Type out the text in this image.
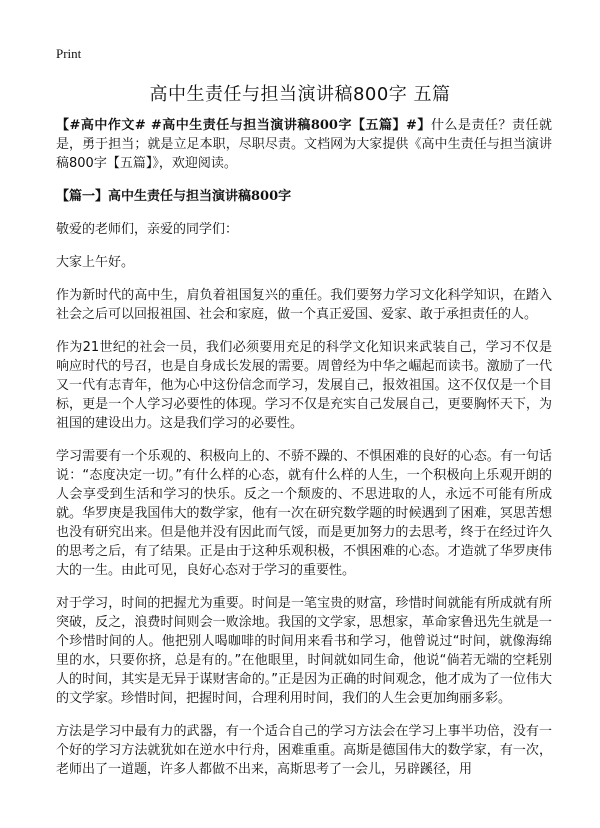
Print
高中生责任与担当演讲稿800字 五篇

【#高中作文# #高中生责任与担当演讲稿800字【五篇】#】什么是责任？责任就是，勇于担当；就是立足本职，尽职尽责。文档网为大家提供《高中生责任与担当演讲稿800字【五篇】》，欢迎阅读。

【篇一】高中生责任与担当演讲稿800字

敬爱的老师们，亲爱的同学们：

大家上午好。

作为新时代的高中生，肩负着祖国复兴的重任。我们要努力学习文化科学知识，在踏入社会之后可以回报祖国、社会和家庭，做一个真正爱国、爱家、敢于承担责任的人。

作为21世纪的社会一员，我们必须要用充足的科学文化知识来武装自己，学习不仅是响应时代的号召，也是自身成长发展的需要。周曾经为中华之崛起而读书。激励了一代又一代有志青年，他为心中这份信念而学习，发展自己，报效祖国。这不仅仅是一个目标，更是一个人学习必要性的体现。学习不仅是充实自己发展自己，更要胸怀天下，为祖国的建设出力。这是我们学习的必要性。

学习需要有一个乐观的、积极向上的、不骄不躁的、不惧困难的良好的心态。有一句话说：“态度决定一切。”有什么样的心态，就有什么样的人生，一个积极向上乐观开朗的人会享受到生活和学习的快乐。反之一个颓废的、不思进取的人，永远不可能有所成就。华罗庚是我国伟大的数学家，他有一次在研究数学题的时候遇到了困难，冥思苦想也没有研究出来。但是他并没有因此而气馁，而是更加努力的去思考，终于在经过许久的思考之后，有了结果。正是由于这种乐观积极，不惧困难的心态。才造就了华罗庚伟大的一生。由此可见，良好心态对于学习的重要性。

对于学习，时间的把握尤为重要。时间是一笔宝贵的财富，珍惜时间就能有所成就有所突破，反之，浪费时间则会一败涂地。我国的文学家，思想家，革命家鲁迅先生就是一个珍惜时间的人。他把别人喝咖啡的时间用来看书和学习，他曾说过“时间，就像海绵里的水，只要你挤，总是有的。”在他眼里，时间就如同生命，他说“倘若无端的空耗别人的时间，其实是无异于谋财害命的。”正是因为正确的时间观念，他才成为了一位伟大的文学家。珍惜时间，把握时间，合理利用时间，我们的人生会更加绚丽多彩。

方法是学习中最有力的武器，有一个适合自己的学习方法会在学习上事半功倍，没有一个好的学习方法就犹如在逆水中行舟，困难重重。高斯是德国伟大的数学家，有一次，老师出了一道题，许多人都做不出来，高斯思考了一会儿，另辟蹊径，用
